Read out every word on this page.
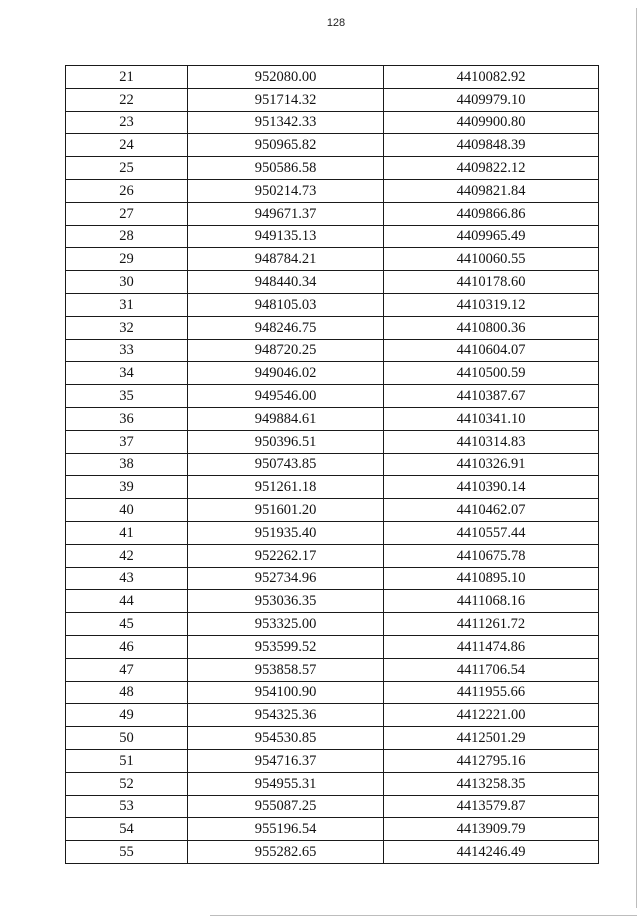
128
21	952080.00	4410082.92
22	951714.32	4409979.10
23	951342.33	4409900.80
24	950965.82	4409848.39
25	950586.58	4409822.12
26	950214.73	4409821.84
27	949671.37	4409866.86
28	949135.13	4409965.49
29	948784.21	4410060.55
30	948440.34	4410178.60
31	948105.03	4410319.12
32	948246.75	4410800.36
33	948720.25	4410604.07
34	949046.02	4410500.59
35	949546.00	4410387.67
36	949884.61	4410341.10
37	950396.51	4410314.83
38	950743.85	4410326.91
39	951261.18	4410390.14
40	951601.20	4410462.07
41	951935.40	4410557.44
42	952262.17	4410675.78
43	952734.96	4410895.10
44	953036.35	4411068.16
45	953325.00	4411261.72
46	953599.52	4411474.86
47	953858.57	4411706.54
48	954100.90	4411955.66
49	954325.36	4412221.00
50	954530.85	4412501.29
51	954716.37	4412795.16
52	954955.31	4413258.35
53	955087.25	4413579.87
54	955196.54	4413909.79
55	955282.65	4414246.49
